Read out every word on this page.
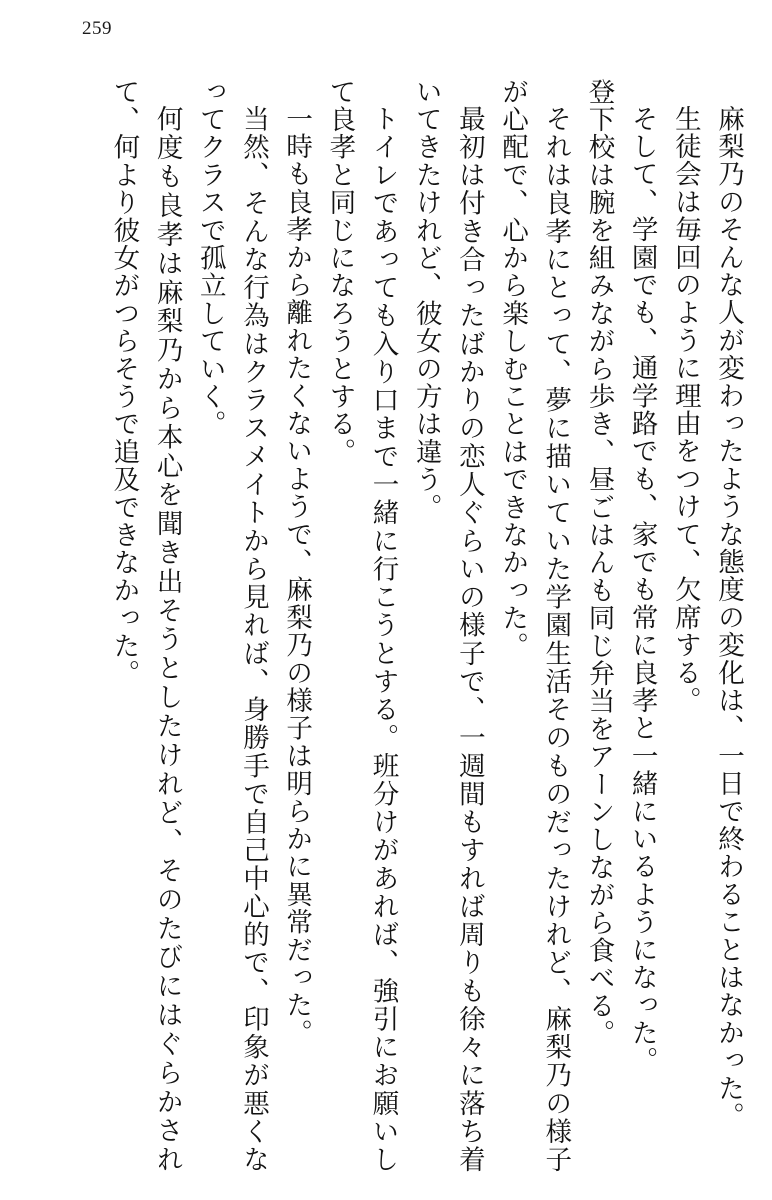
259

麻梨乃のそんな人が変わったような態度の変化は、一日で終わることはなかった。

生徒会は毎回のように理由をつけて、欠席する。

そして、学園でも、通学路でも、家でも常に良孝と一緒にいるようになった。

登下校は腕を組みながら歩き、昼ごはんも同じ弁当をアーンしながら食べる。

それは良孝にとって、夢に描いていた学園生活そのものだったけれど、麻梨乃の様子が心配で、心から楽しむことはできなかった。

最初は付き合ったばかりの恋人ぐらいの様子で、一週間もすれば周りも徐々に落ち着いてきたけれど、彼女の方は違う。

トイレであっても入り口まで一緒に行こうとする。班分けがあれば、強引にお願いして良孝と同じになろうとする。

一時も良孝から離れたくないようで、麻梨乃の様子は明らかに異常だった。

当然、そんな行為はクラスメイトから見れば、身勝手で自己中心的で、印象が悪くなってクラスで孤立していく。

何度も良孝は麻梨乃から本心を聞き出そうとしたけれど、そのたびにはぐらかされて、何より彼女がつらそうで追及できなかった。
